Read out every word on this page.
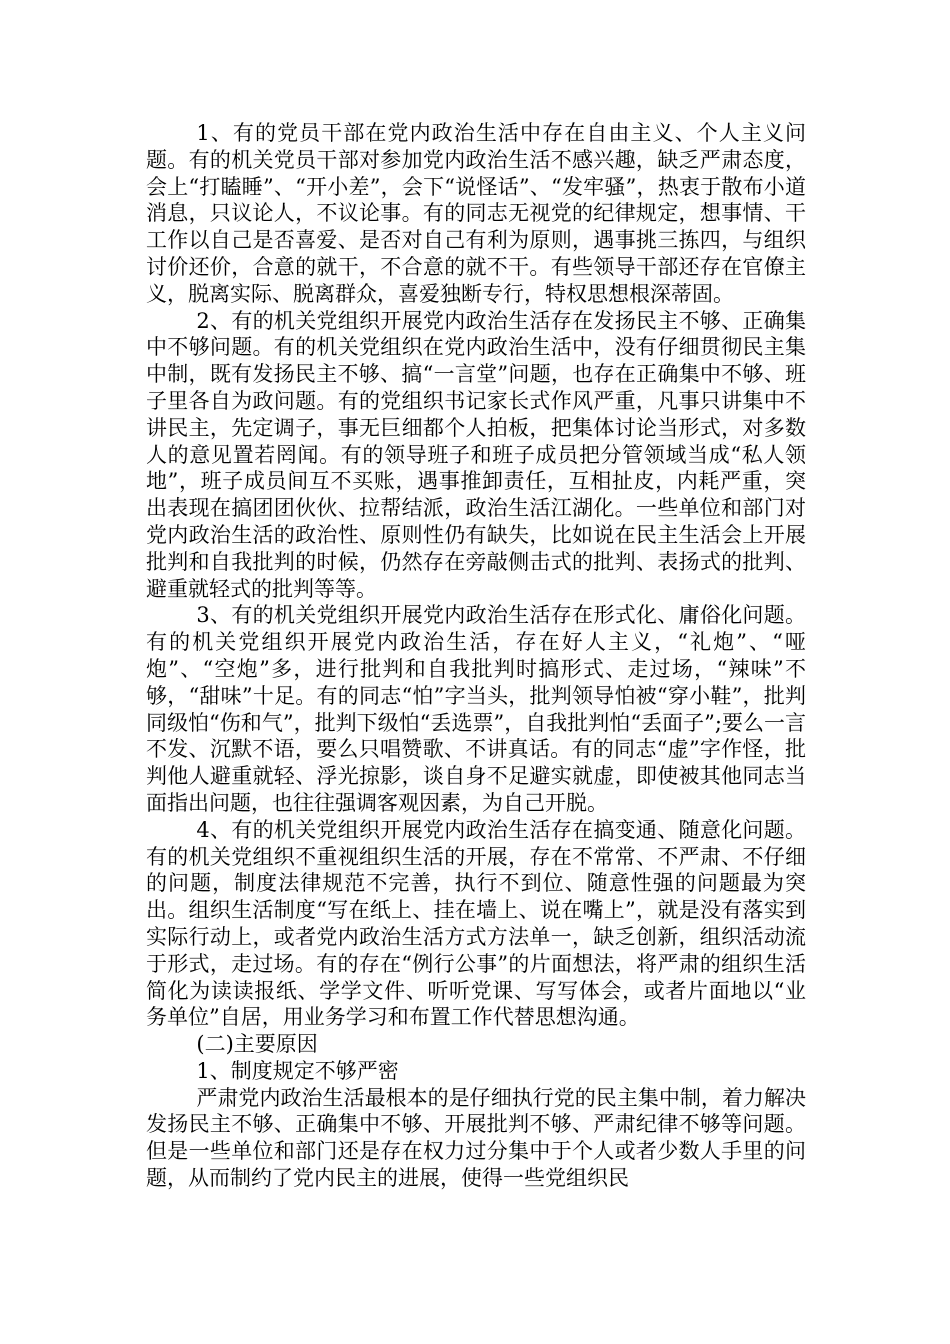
1、有的党员干部在党内政治生活中存在自由主义、个人主义问题。有的机关党员干部对参加党内政治生活不感兴趣，缺乏严肃态度，会上“打瞌睡”、“开小差”，会下“说怪话”、“发牢骚”，热衷于散布小道消息，只议论人，不议论事。有的同志无视党的纪律规定，想事情、干工作以自己是否喜爱、是否对自己有利为原则，遇事挑三拣四，与组织讨价还价，合意的就干，不合意的就不干。有些领导干部还存在官僚主义，脱离实际、脱离群众，喜爱独断专行，特权思想根深蒂固。

2、有的机关党组织开展党内政治生活存在发扬民主不够、正确集中不够问题。有的机关党组织在党内政治生活中，没有仔细贯彻民主集中制，既有发扬民主不够、搞“一言堂”问题，也存在正确集中不够、班子里各自为政问题。有的党组织书记家长式作风严重，凡事只讲集中不讲民主，先定调子，事无巨细都个人拍板，把集体讨论当形式，对多数人的意见置若罔闻。有的领导班子和班子成员把分管领域当成“私人领地”，班子成员间互不买账，遇事推卸责任，互相扯皮，内耗严重，突出表现在搞团团伙伙、拉帮结派，政治生活江湖化。一些单位和部门对党内政治生活的政治性、原则性仍有缺失，比如说在民主生活会上开展批判和自我批判的时候，仍然存在旁敲侧击式的批判、表扬式的批判、避重就轻式的批判等等。

3、有的机关党组织开展党内政治生活存在形式化、庸俗化问题。有的机关党组织开展党内政治生活，存在好人主义，“礼炮”、“哑炮”、“空炮”多，进行批判和自我批判时搞形式、走过场，“辣味”不够，“甜味”十足。有的同志“怕”字当头，批判领导怕被“穿小鞋”，批判同级怕“伤和气”，批判下级怕“丢选票”，自我批判怕“丢面子”;要么一言不发、沉默不语，要么只唱赞歌、不讲真话。有的同志“虚”字作怪，批判他人避重就轻、浮光掠影，谈自身不足避实就虚，即使被其他同志当面指出问题，也往往强调客观因素，为自己开脱。

4、有的机关党组织开展党内政治生活存在搞变通、随意化问题。有的机关党组织不重视组织生活的开展，存在不常常、不严肃、不仔细的问题，制度法律规范不完善，执行不到位、随意性强的问题最为突出。组织生活制度“写在纸上、挂在墙上、说在嘴上”，就是没有落实到实际行动上，或者党内政治生活方式方法单一，缺乏创新，组织活动流于形式，走过场。有的存在“例行公事”的片面想法，将严肃的组织生活简化为读读报纸、学学文件、听听党课、写写体会，或者片面地以“业务单位”自居，用业务学习和布置工作代替思想沟通。

(二)主要原因

1、制度规定不够严密

严肃党内政治生活最根本的是仔细执行党的民主集中制，着力解决发扬民主不够、正确集中不够、开展批判不够、严肃纪律不够等问题。但是一些单位和部门还是存在权力过分集中于个人或者少数人手里的问题，从而制约了党内民主的进展，使得一些党组织民
